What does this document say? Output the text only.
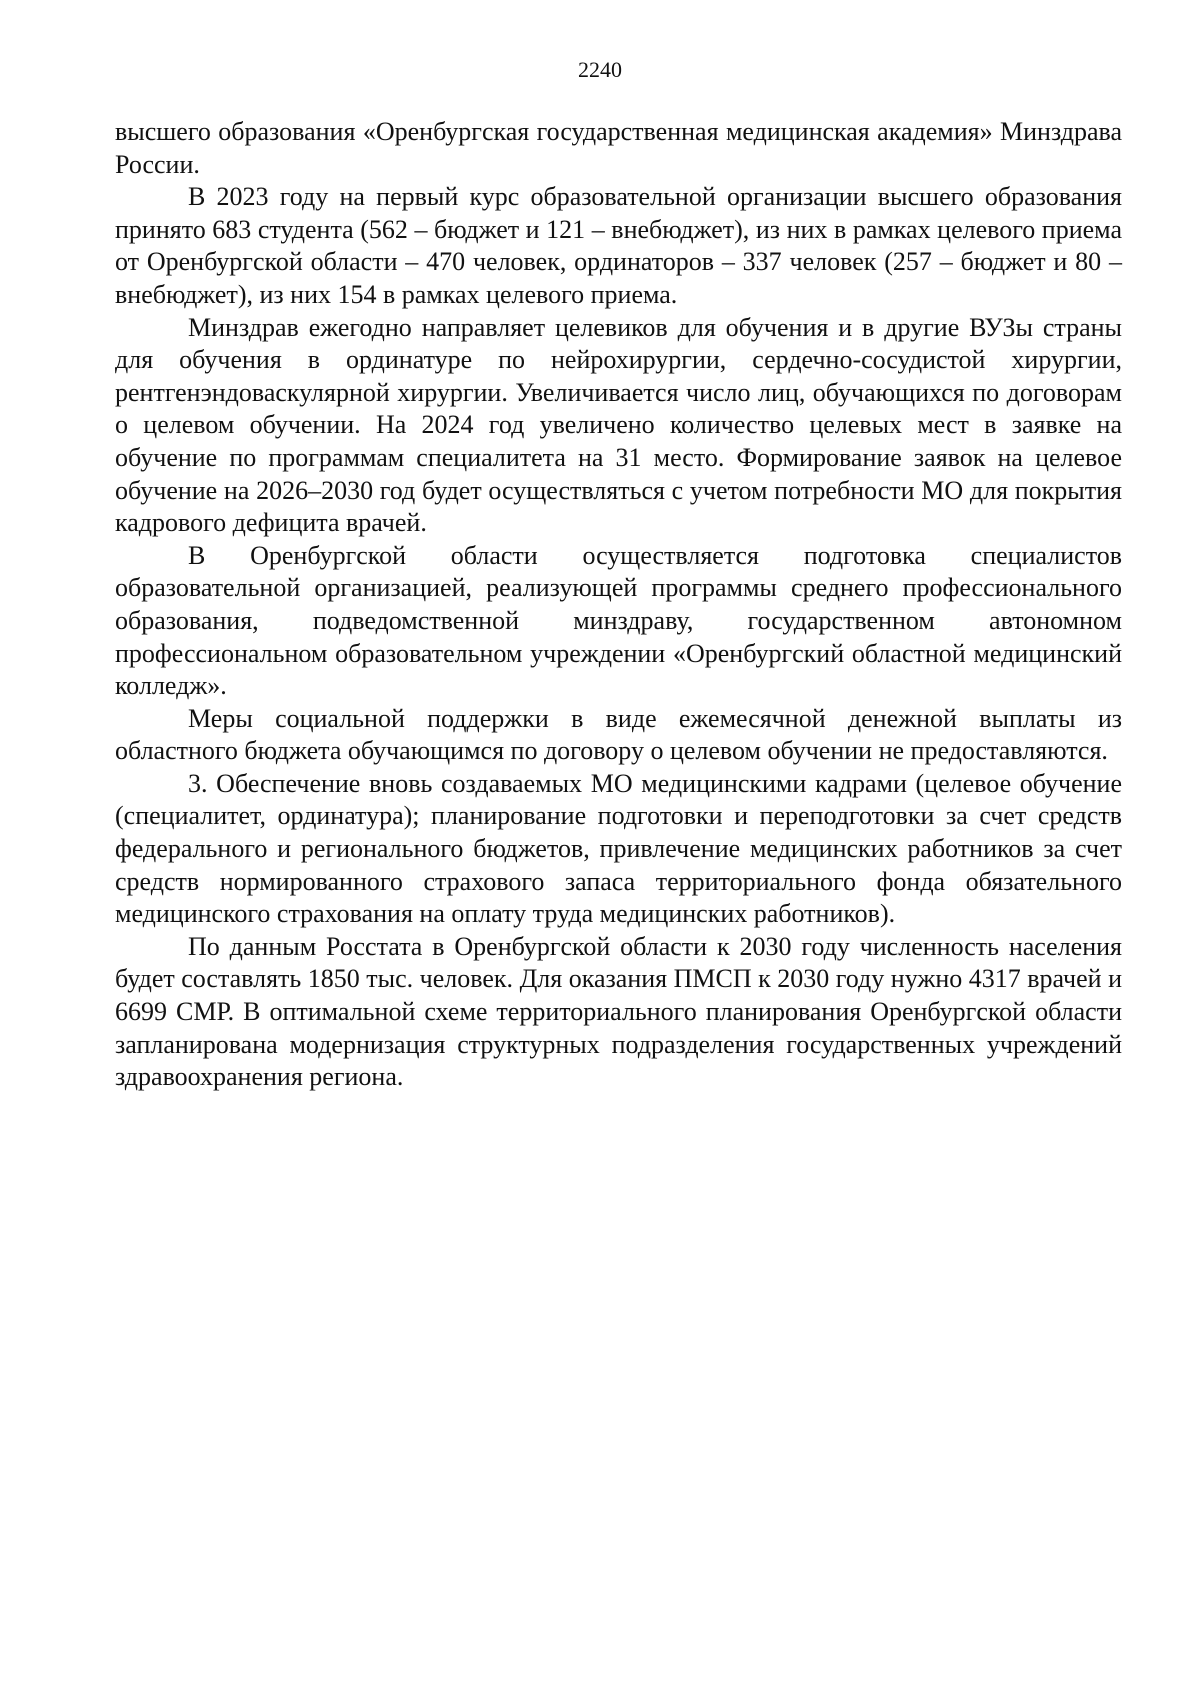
2240

высшего образования «Оренбургская государственная медицинская академия» Минздрава России.

В 2023 году на первый курс образовательной организации высшего образования принято 683 студента (562 – бюджет и 121 – внебюджет), из них в рамках целевого приема от Оренбургской области – 470 человек, ординаторов – 337 человек (257 – бюджет и 80 – внебюджет), из них 154 в рамках целевого приема.

Минздрав ежегодно направляет целевиков для обучения и в другие ВУЗы страны для обучения в ординатуре по нейрохирургии, сердечно-сосудистой хирургии, рентгенэндоваскулярной хирургии. Увеличивается число лиц, обучающихся по договорам о целевом обучении. На 2024 год увеличено количество целевых мест в заявке на обучение по программам специалитета на 31 место. Формирование заявок на целевое обучение на 2026–2030 год будет осуществляться с учетом потребности МО для покрытия кадрового дефицита врачей.

В Оренбургской области осуществляется подготовка специалистов образовательной организацией, реализующей программы среднего профессионального образования, подведомственной минздраву, государственном автономном профессиональном образовательном учреждении «Оренбургский областной медицинский колледж».

Меры социальной поддержки в виде ежемесячной денежной выплаты из областного бюджета обучающимся по договору о целевом обучении не предоставляются.

3. Обеспечение вновь создаваемых МО медицинскими кадрами (целевое обучение (специалитет, ординатура); планирование подготовки и переподготовки за счет средств федерального и регионального бюджетов, привлечение медицинских работников за счет средств нормированного страхового запаса территориального фонда обязательного медицинского страхования на оплату труда медицинских работников).

По данным Росстата в Оренбургской области к 2030 году численность населения будет составлять 1850 тыс. человек. Для оказания ПМСП к 2030 году нужно 4317 врачей и 6699 СМР. В оптимальной схеме территориального планирования Оренбургской области запланирована модернизация структурных подразделения государственных учреждений здравоохранения региона.
